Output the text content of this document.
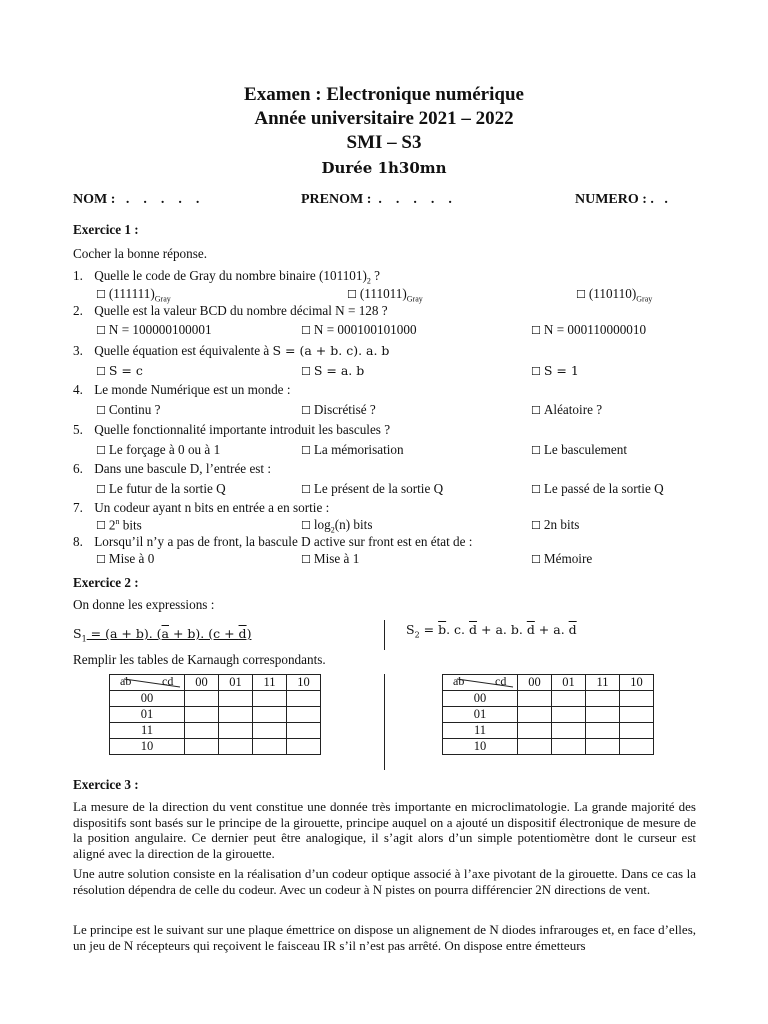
Examen : Electronique numérique
Année universitaire 2021 – 2022
SMI – S3
Durée 1h30mn
NOM :   .    .    .    .    .	PRENOM :  .    .    .    .    .	NUMERO : .   .
Exercice 1 :
Cocher la bonne réponse.
1. Quelle le code de Gray du nombre binaire $(101101)_2$ ?
☐ $(111111)_{Gray}$	☐ $(111011)_{Gray}$	☐ $(110110)_{Gray}$
2. Quelle est la valeur BCD du nombre décimal N = 128 ?
☐ N = 100000100001	☐ N = 000100101000	☐ N = 000110000010
3. Quelle équation est équivalente à S = (a + b. c). a. b
☐ S = c	☐ S = a. b	☐ S = 1
4. Le monde Numérique est un monde :
☐ Continu ?	☐ Discrétisé ?	☐ Aléatoire ?
5. Quelle fonctionnalité importante introduit les bascules ?
☐ Le forçage à 0 ou à 1	☐ La mémorisation	☐ Le basculement
6. Dans une bascule D, l’entrée est :
☐ Le futur de la sortie Q	☐ Le présent de la sortie Q	☐ Le passé de la sortie Q
7. Un codeur ayant n bits en entrée a en sortie :
☐ 2$^n$ bits	☐ $\log_2(n)$ bits	☐ 2n bits
8. Lorsqu’il n’y a pas de front, la bascule D active sur front est en état de :
☐ Mise à 0	☐ Mise à 1	☐ Mémoire
Exercice 2 :
On donne les expressions :
$S_1 = (a + b)$. (a + b). (c + d)	$S_2 = \overline{b}$. c. $\overline{d} + a$. b. $\overline{d} + a$. $\overline{d}$
Remplir les tables de Karnaugh correspondants.
ab cd	00	01	11	10
00				
01				
11				
10				
ab cd	00	01	11	10
00				
01				
11				
10				
Exercice 3 :
La mesure de la direction du vent constitue une donnée très importante en microclimatologie. La grande majorité des dispositifs sont basés sur le principe de la girouette, principe auquel on a ajouté un dispositif électronique de mesure de la position angulaire. Ce dernier peut être analogique, il s’agit alors d’un simple potentiomètre dont le curseur est aligné avec la direction de la girouette.
Une autre solution consiste en la réalisation d’un codeur optique associé à l’axe pivotant de la girouette. Dans ce cas la résolution dépendra de celle du codeur. Avec un codeur à N pistes on pourra différencier 2N directions de vent.
Le principe est le suivant sur une plaque émettrice on dispose un alignement de N diodes infrarouges et, en face d’elles, un jeu de N récepteurs qui reçoivent le faisceau IR s’il n’est pas arrêté. On dispose entre émetteurs
